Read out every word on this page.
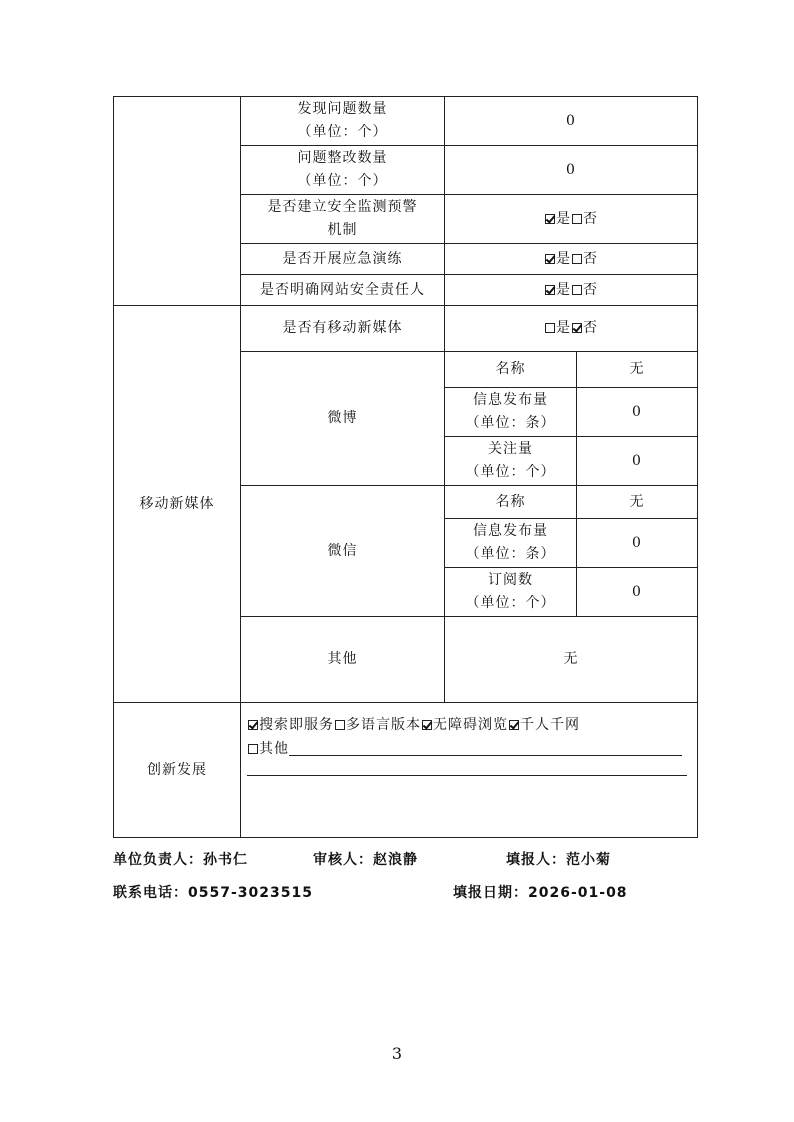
	发现问题数量
（单位：个）	0	

	问题整改数量
（单位：个）	0	

	是否建立安全监测预警
机制	是 否	
	是否开展应急演练	是 否	
	是否明确网站安全责任人	是 否	
移动新媒体	是否有移动新媒体	是 否	
	微博	名称	无

		信息发布量
（单位：条）	0

		关注量
（单位：个）	0
	微信	名称	无

		信息发布量
（单位：条）	0

		订阅数
（单位：个）	0
	其他	无	
创新发展	搜索即服务 多语言版本 无障碍浏览 千人千网
其他		
单位负责人：孙书仁	审核人：赵浪静	填报人：范小菊
联系电话：0557-3023515	填报日期：2026-01-08
3
